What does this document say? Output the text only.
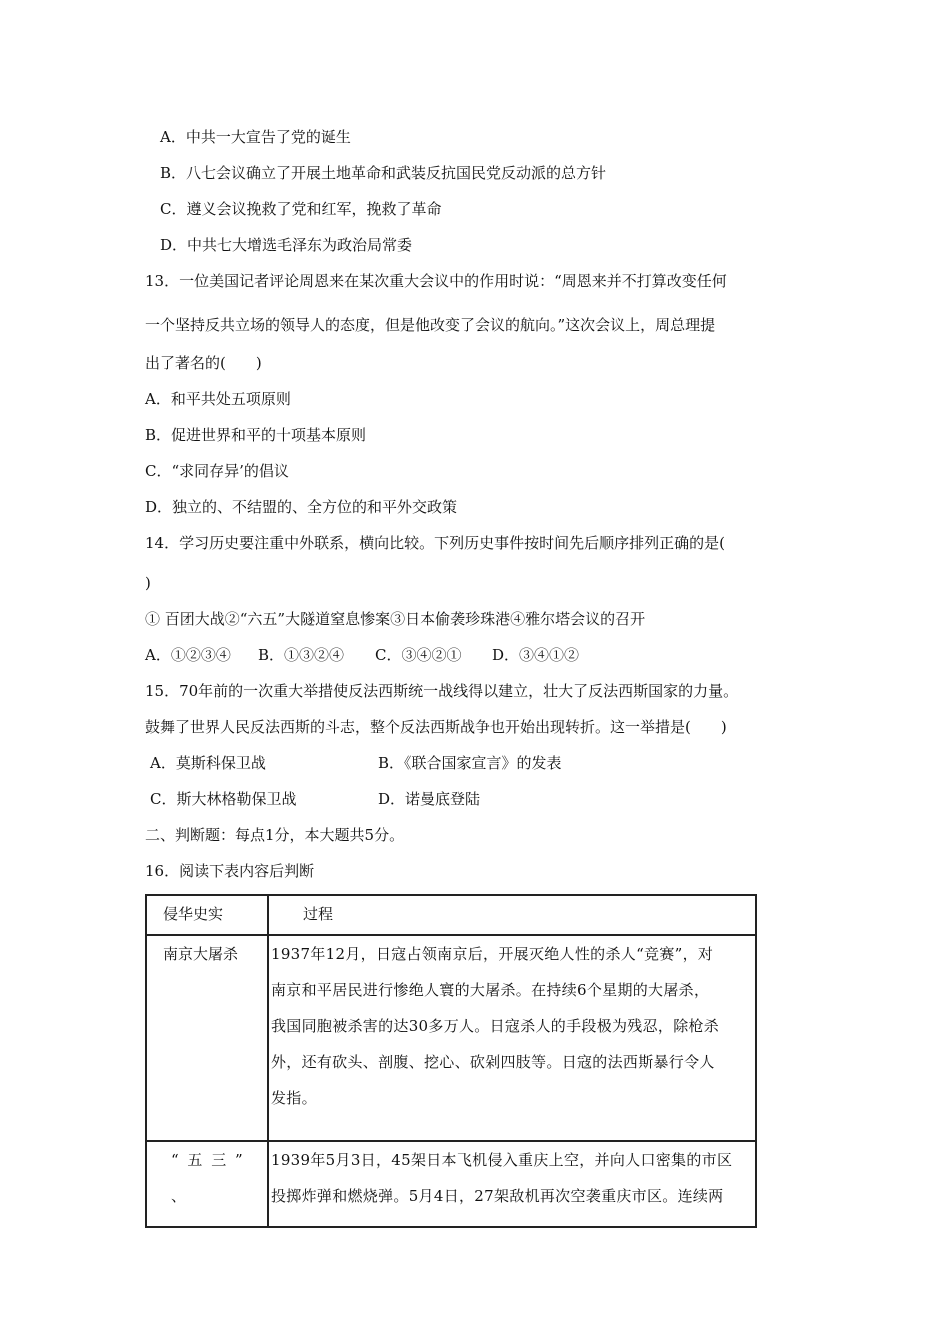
A．中共一大宣告了党的诞生
B．八七会议确立了开展土地革命和武装反抗国民党反动派的总方针
C．遵义会议挽救了党和红军，挽救了革命
D．中共七大增选毛泽东为政治局常委
13．一位美国记者评论周恩来在某次重大会议中的作用时说：“周恩来并不打算改变任何
一个坚持反共立场的领导人的态度，但是他改变了会议的航向。”这次会议上，周总理提
出了著名的(　　)
A．和平共处五项原则
B．促进世界和平的十项基本原则
C．“求同存异’的倡议
D．独立的、不结盟的、全方位的和平外交政策
14．学习历史要注重中外联系，横向比较。下列历史事件按时间先后顺序排列正确的是(
)
① 百团大战②“六五”大隧道窒息惨案③日本偷袭珍珠港④雅尔塔会议的召开
A．①②③④ B．①③②④ C．③④②① D．③④①②
15．70年前的一次重大举措使反法西斯统一战线得以建立，壮大了反法西斯国家的力量。
鼓舞了世界人民反法西斯的斗志，整个反法西斯战争也开始出现转折。这一举措是(　　)
A．莫斯科保卫战	B．《联合国家宣言》的发表
C．斯大林格勒保卫战	D．诺曼底登陆
二、判断题：每点1分，本大题共5分。
16．阅读下表内容后判断
侵华史实	过程
南京大屠杀	1937年12月，日寇占领南京后，开展灭绝人性的杀人“竞赛”，对
南京和平居民进行惨绝人寰的大屠杀。在持续6个星期的大屠杀，
我国同胞被杀害的达30多万人。日寇杀人的手段极为残忍，除枪杀
外，还有砍头、剖腹、挖心、砍剁四肢等。日寇的法西斯暴行令人
发指。

“ 五 三 ” 、	1939年5月3日，45架日本飞机侵入重庆上空，并向人口密集的市区
投掷炸弹和燃烧弹。5月4日，27架敌机再次空袭重庆市区。连续两
